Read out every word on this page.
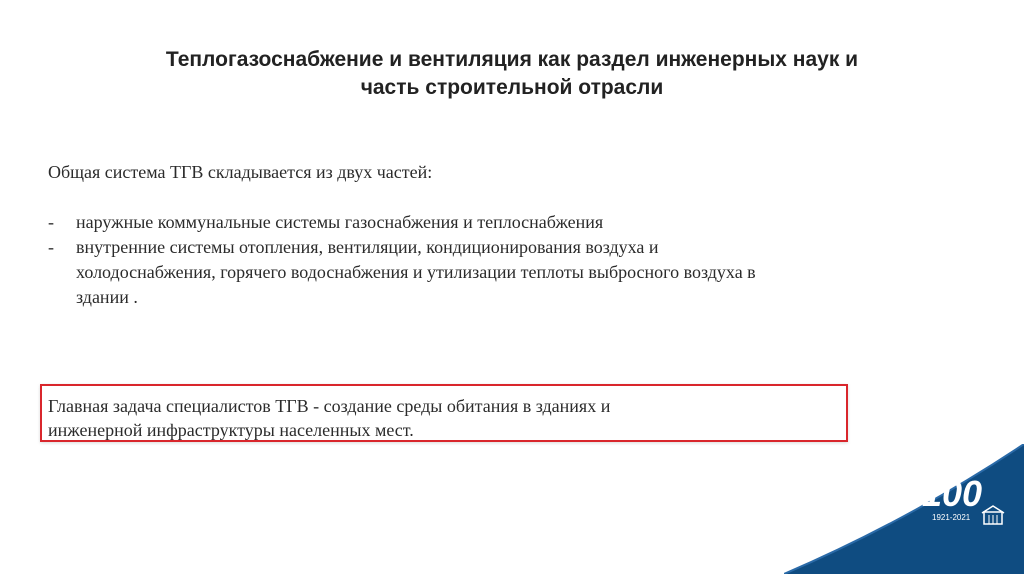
Теплогазоснабжение и вентиляция как раздел инженерных наук и
часть строительной отрасли
Общая система ТГВ складывается из двух частей:
- наружные коммунальные системы газоснабжения и теплоснабжения
- внутренние системы отопления, вентиляции, кондиционирования воздуха и
холодоснабжения, горячего водоснабжения и утилизации теплоты выбросного воздуха в
здании .
Главная задача специалистов ТГВ - создание среды обитания в зданиях и
инженерной инфраструктуры населенных мест.
100
1921-2021
